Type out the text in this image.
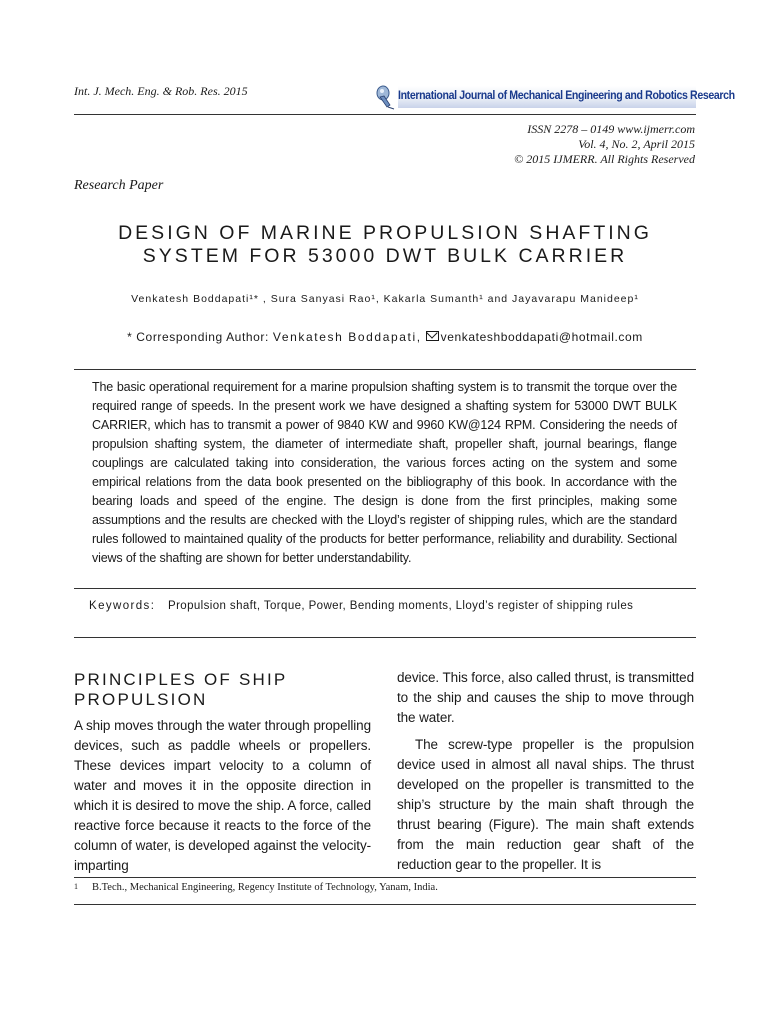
Int. J. Mech. Eng. & Rob. Res. 2015	International Journal of Mechanical Engineering and Robotics Research
ISSN 2278 – 0149 www.ijmerr.com
Vol. 4, No. 2, April 2015
© 2015 IJMERR. All Rights Reserved
Research Paper
DESIGN OF MARINE PROPULSION SHAFTING
SYSTEM FOR 53000 DWT BULK CARRIER
Venkatesh Boddapati¹* , Sura Sanyasi Rao¹, Kakarla Sumanth¹ and Jayavarapu Manideep¹
* Corresponding Author: Venkatesh Boddapati, venkateshboddapati@hotmail.com
The basic operational requirement for a marine propulsion shafting system is to transmit the torque over the required range of speeds. In the present work we have designed a shafting system for 53000 DWT BULK CARRIER, which has to transmit a power of 9840 KW and 9960 KW@124 RPM. Considering the needs of propulsion shafting system, the diameter of intermediate shaft, propeller shaft, journal bearings, flange couplings are calculated taking into consideration, the various forces acting on the system and some empirical relations from the data book presented on the bibliography of this book. In accordance with the bearing loads and speed of the engine. The design is done from the first principles, making some assumptions and the results are checked with the Lloyd’s register of shipping rules, which are the standard rules followed to maintained quality of the products for better performance, reliability and durability. Sectional views of the shafting are shown for better understandability.
Keywords:	Propulsion shaft, Torque, Power, Bending moments, Lloyd’s register of shipping rules
PRINCIPLES OF SHIP
PROPULSION

A ship moves through the water through propelling devices, such as paddle wheels or propellers. These devices impart velocity to a column of water and moves it in the opposite direction in which it is desired to move the ship. A force, called reactive force because it reacts to the force of the column of water, is developed against the velocity-imparting

device. This force, also called thrust, is transmitted to the ship and causes the ship to move through the water.

The screw-type propeller is the propulsion device used in almost all naval ships. The thrust developed on the propeller is transmitted to the ship’s structure by the main shaft through the thrust bearing (Figure). The main shaft extends from the main reduction gear shaft of the reduction gear to the propeller. It is

1	B.Tech., Mechanical Engineering, Regency Institute of Technology, Yanam, India.
